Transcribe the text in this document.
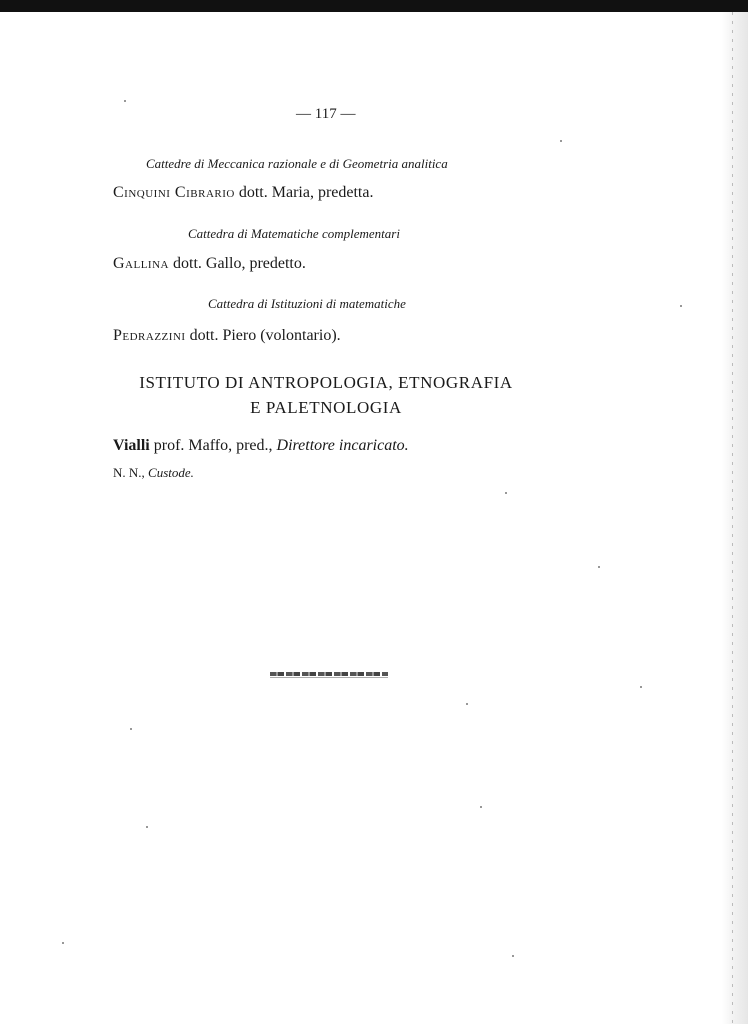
— 117 —
Cattedre di Meccanica razionale e di Geometria analitica
Cinquini Cibrario dott. Maria, predetta.
Cattedra di Matematiche complementari
Gallina dott. Gallo, predetto.
Cattedra di Istituzioni di matematiche
Pedrazzini dott. Piero (volontario).
ISTITUTO DI ANTROPOLOGIA, ETNOGRAFIA
E PALETNOLOGIA
Vialli prof. Maffo, pred., Direttore incaricato.
N. N., Custode.
